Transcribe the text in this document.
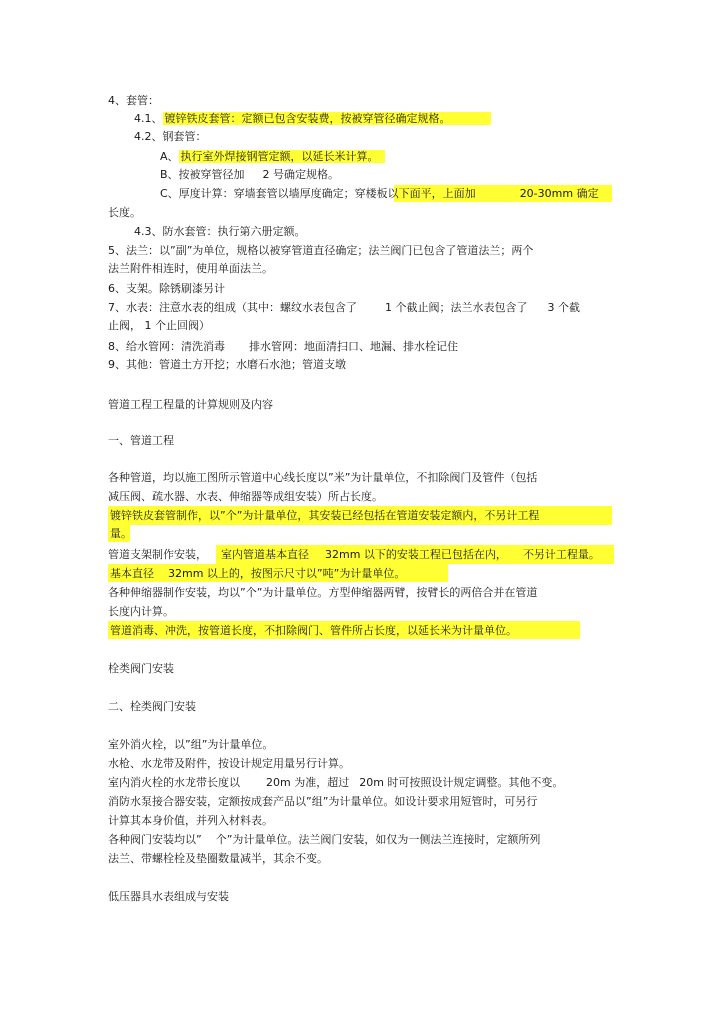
4、套管：
4.1、 镀锌铁皮套管：定额已包含安装费，按被穿管径确定规格。
4.2、钢套管：
A、 执行室外焊接钢管定额，以延长米计算。
B、按被穿管径加 2 号确定规格。
C、厚度计算：穿墙套管以墙厚度确定；穿楼板以下面平，上面加	20-30mm 确定
长度。
4.3、防水套管：执行第六册定额。
5、法兰：以”副”为单位，规格以被穿管道直径确定；法兰阀门已包含了管道法兰；两个
法兰附件相连时，使用单面法兰。
6、支架。除锈刷漆另计
7、水表：注意水表的组成（其中：螺纹水表包含了	1 个截止阀；法兰水表包含了 3 个截
止阀， 1 个止回阀）
8、给水管网：清洗消毒 排水管网：地面清扫口、地漏、排水栓记住
9、其他：管道土方开挖；水磨石水池；管道支墩
管道工程工程量的计算规则及内容
一、管道工程
各种管道，均以施工图所示管道中心线长度以”米”为计量单位，不扣除阀门及管件（包括
减压阀、疏水器、水表、伸缩器等成组安装）所占长度。
镀锌铁皮套管制作，以”个”为计量单位，其安装已经包括在管道安装定额内，不另计工程
量。
管道支架制作安装， 室内管道基本直径 32mm 以下的安装工程已包括在内， 不另计工程量。
基本直径 32mm 以上的，按图示尺寸以”吨”为计量单位。
各种伸缩器制作安装，均以”个”为计量单位。方型伸缩器两臂，按臂长的两倍合并在管道
长度内计算。
管道消毒、冲洗，按管道长度，不扣除阀门、管件所占长度，以延长米为计量单位。
栓类阀门安装
二、栓类阀门安装
室外消火栓，以”组”为计量单位。
水枪、水龙带及附件，按设计规定用量另行计算。
室内消火栓的水龙带长度以 20m 为准，超过 20m 时可按照设计规定调整。其他不变。
消防水泵接合器安装，定额按成套产品以”组”为计量单位。如设计要求用短管时，可另行
计算其本身价值，并列入材料表。
各种阀门安装均以” 个”为计量单位。法兰阀门安装，如仅为一侧法兰连接时，定额所列
法兰、带螺栓栓及垫圈数量减半，其余不变。
低压器具水表组成与安装
